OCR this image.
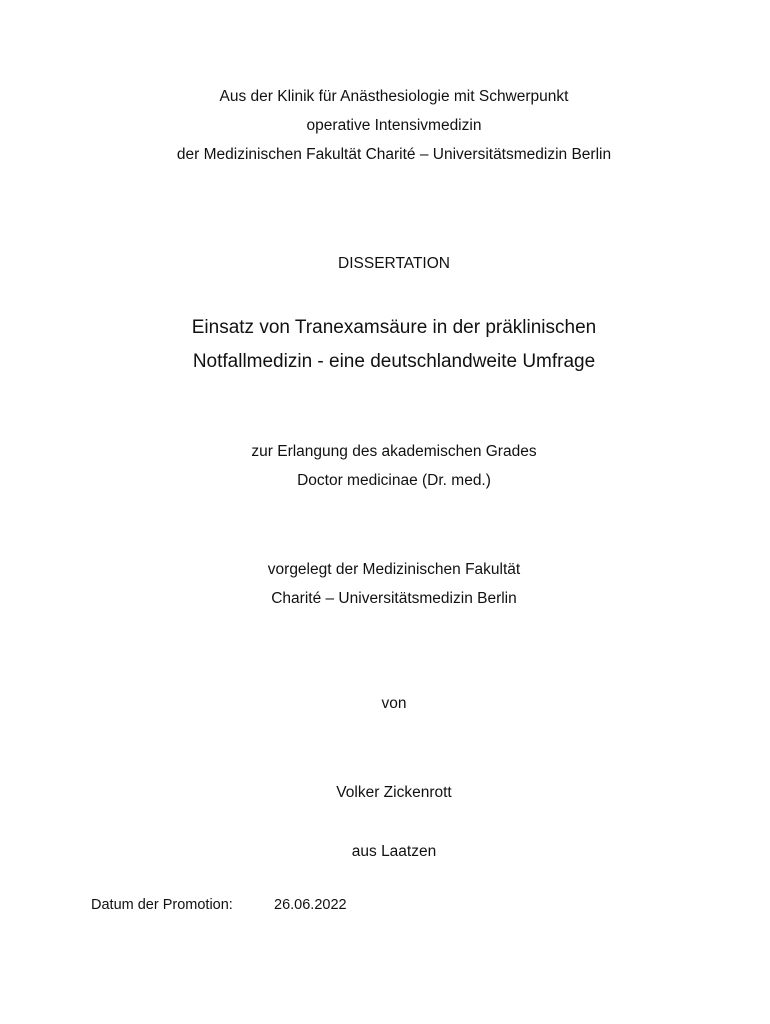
Aus der Klinik für Anästhesiologie mit Schwerpunkt
operative Intensivmedizin
der Medizinischen Fakultät Charité – Universitätsmedizin Berlin
DISSERTATION
Einsatz von Tranexamsäure in der präklinischen
Notfallmedizin - eine deutschlandweite Umfrage
zur Erlangung des akademischen Grades
Doctor medicinae (Dr. med.)
vorgelegt der Medizinischen Fakultät
Charité – Universitätsmedizin Berlin
von
Volker Zickenrott
aus Laatzen
Datum der Promotion:	26.06.2022
